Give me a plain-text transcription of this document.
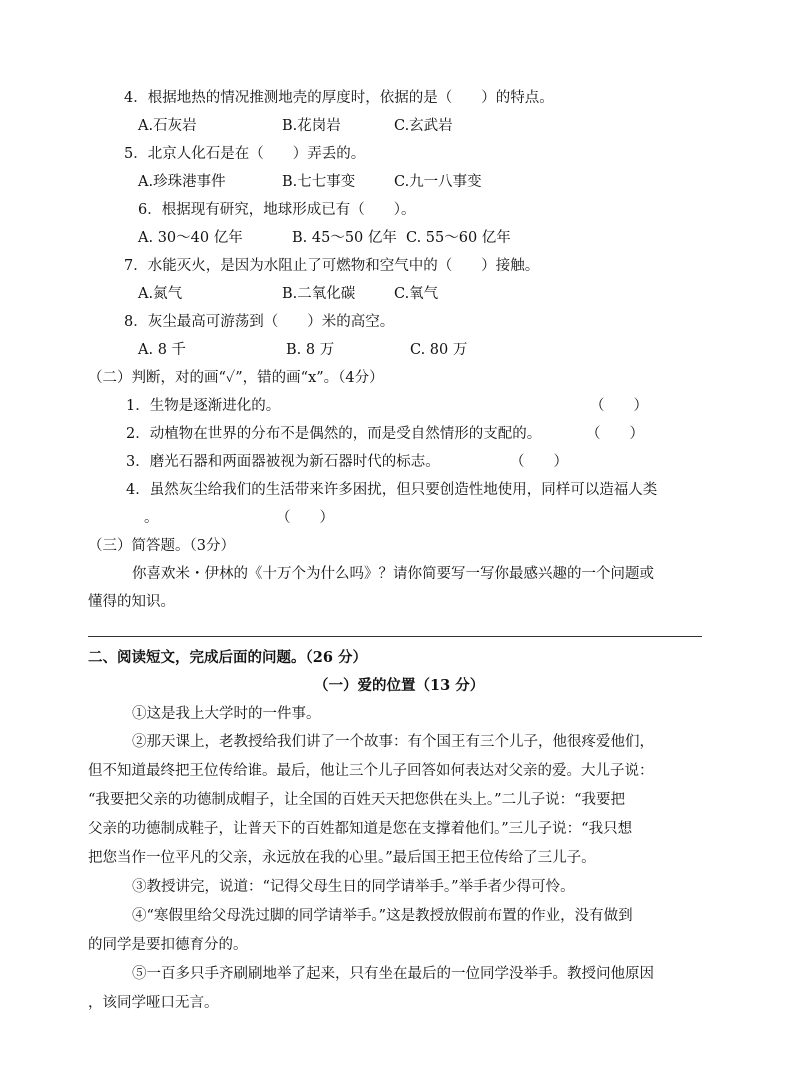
4．根据地热的情况推测地壳的厚度时，依据的是（　　）的特点。
A.石灰岩	B.花岗岩	C.玄武岩
5．北京人化石是在（　　）弄丢的。
A.珍珠港事件	B.七七事变	C.九一八事变
6．根据现有研究，地球形成已有（　　）。
A. 30～40 亿年	B. 45～50 亿年 C. 55～60 亿年
7．水能灭火，是因为水阻止了可燃物和空气中的（　　）接触。
A.氮气	B.二氧化碳	C.氧气
8．灰尘最高可游荡到（　　）米的高空。
A. 8 千	B. 8 万	C. 80 万
（二）判断，对的画“✓”，错的画“x”。（4分）
1．生物是逐渐进化的。	（　　）
2．动植物在世界的分布不是偶然的，而是受自然情形的支配的。	（　　）
3．磨光石器和两面器被视为新石器时代的标志。	（　　）
4．虽然灰尘给我们的生活带来许多困扰，但只要创造性地使用，同样可以造福人类
。	（　　）
（三）简答题。（3分）
你喜欢米・伊林的《十万个为什么吗》？请你简要写一写你最感兴趣的一个问题或
懂得的知识。
二、阅读短文，完成后面的问题。（26 分）
（一）爱的位置（13 分）
①这是我上大学时的一件事。
②那天课上，老教授给我们讲了一个故事：有个国王有三个儿子，他很疼爱他们，
但不知道最终把王位传给谁。最后，他让三个儿子回答如何表达对父亲的爱。大儿子说：
“我要把父亲的功德制成帽子，让全国的百姓天天把您供在头上。”二儿子说：“我要把
父亲的功德制成鞋子，让普天下的百姓都知道是您在支撑着他们。”三儿子说：“我只想
把您当作一位平凡的父亲，永远放在我的心里。”最后国王把王位传给了三儿子。
③教授讲完，说道：“记得父母生日的同学请举手。”举手者少得可怜。
④“寒假里给父母洗过脚的同学请举手。”这是教授放假前布置的作业，没有做到
的同学是要扣德育分的。
⑤一百多只手齐刷刷地举了起来，只有坐在最后的一位同学没举手。教授问他原因
，该同学哑口无言。
